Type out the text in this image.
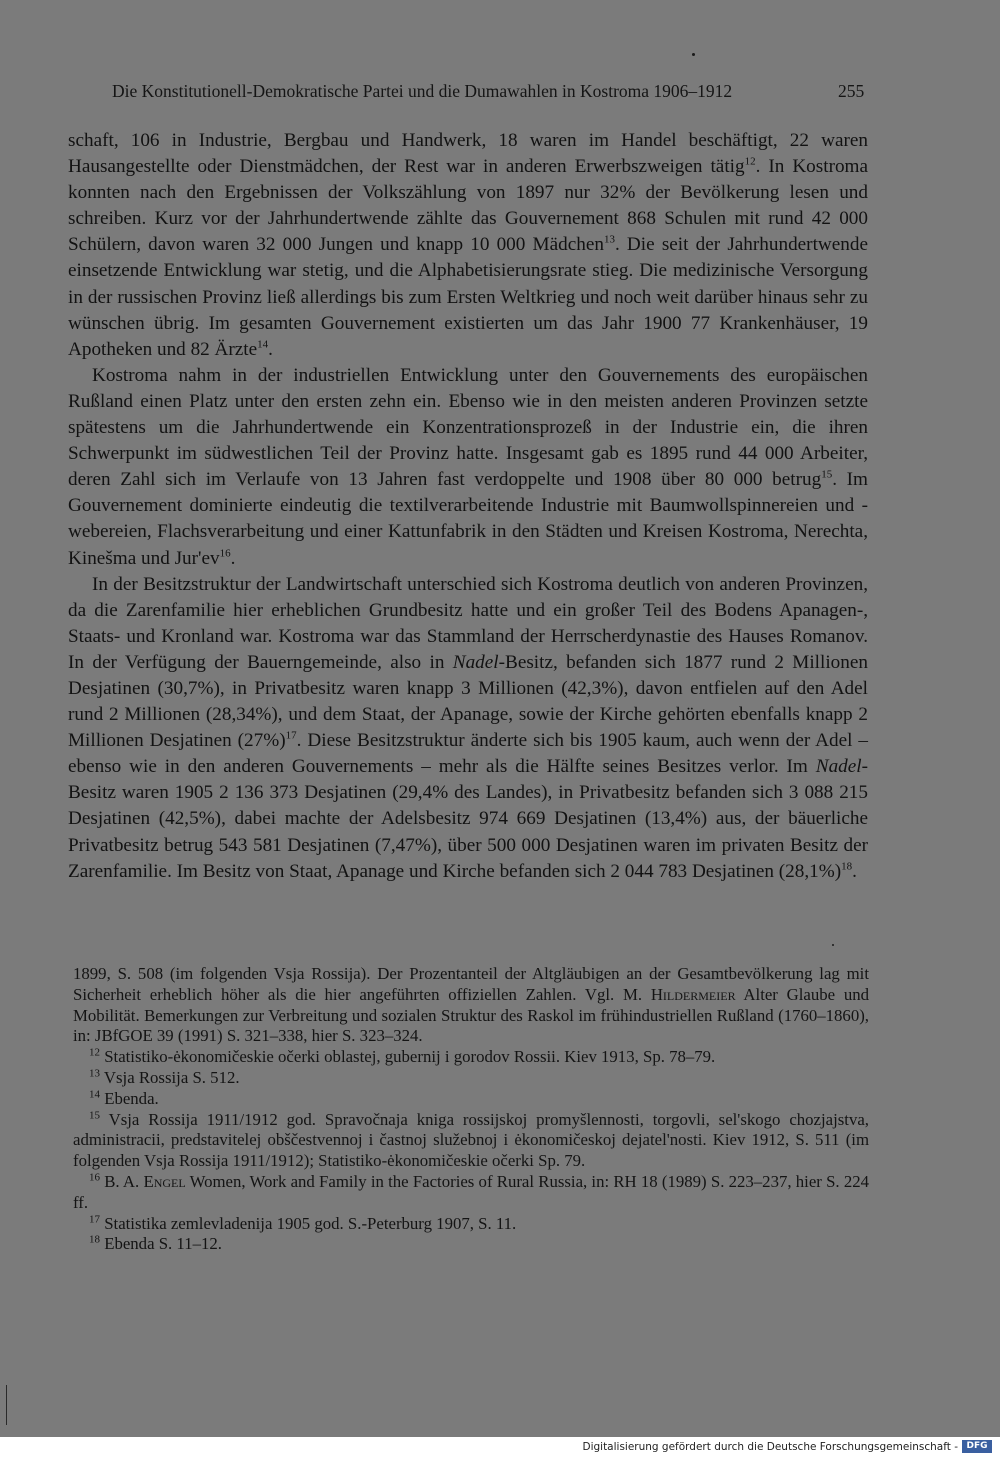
Die Konstitutionell-Demokratische Partei und die Dumawahlen in Kostroma 1906–1912	255

schaft, 106 in Industrie, Bergbau und Handwerk, 18 waren im Handel beschäftigt, 22 waren Hausangestellte oder Dienstmädchen, der Rest war in anderen Erwerbszweigen tätig$^{12}$. In Kostroma konnten nach den Ergebnissen der Volkszählung von 1897 nur 32% der Bevölkerung lesen und schreiben. Kurz vor der Jahrhundertwende zählte das Gouvernement 868 Schulen mit rund 42 000 Schülern, davon waren 32 000 Jungen und knapp 10 000 Mädchen$^{13}$. Die seit der Jahrhundertwende einsetzende Entwicklung war stetig, und die Alphabetisierungsrate stieg. Die medizinische Versorgung in der russischen Provinz ließ allerdings bis zum Ersten Weltkrieg und noch weit darüber hinaus sehr zu wünschen übrig. Im gesamten Gouvernement existierten um das Jahr 1900 77 Krankenhäuser, 19 Apotheken und 82 Ärzte$^{14}$.

Kostroma nahm in der industriellen Entwicklung unter den Gouvernements des europäischen Rußland einen Platz unter den ersten zehn ein. Ebenso wie in den meisten anderen Provinzen setzte spätestens um die Jahrhundertwende ein Konzentrationsprozeß in der Industrie ein, die ihren Schwerpunkt im südwestlichen Teil der Provinz hatte. Insgesamt gab es 1895 rund 44 000 Arbeiter, deren Zahl sich im Verlaufe von 13 Jahren fast verdoppelte und 1908 über 80 000 betrug$^{15}$. Im Gouvernement dominierte eindeutig die textilverarbeitende Industrie mit Baumwollspinnereien und -webereien, Flachsverarbeitung und einer Kattunfabrik in den Städten und Kreisen Kostroma, Nerechta, Kinešma und $Jur'ev^{16}$.

In der Besitzstruktur der Landwirtschaft unterschied sich Kostroma deutlich von anderen Provinzen, da die Zarenfamilie hier erheblichen Grundbesitz hatte und ein großer Teil des Bodens Apanagen-, Staats- und Kronland war. Kostroma war das Stammland der Herrscherdynastie des Hauses Romanov. In der Verfügung der Bauerngemeinde, also in Nadel-Besitz, befanden sich 1877 rund 2 Millionen Desjatinen (30,7%), in Privatbesitz waren knapp 3 Millionen (42,3%), davon entfielen auf den Adel rund 2 Millionen (28,34%), und dem Staat, der Apanage, sowie der Kirche gehörten ebenfalls knapp 2 Millionen Desjatinen $(27\%)^{17}$. Diese Besitzstruktur änderte sich bis 1905 kaum, auch wenn der Adel – ebenso wie in den anderen Gouvernements – mehr als die Hälfte seines Besitzes verlor. Im Nadel-Besitz waren 1905 2 136 373 Desjatinen (29,4% des Landes), in Privatbesitz befanden sich 3 088 215 Desjatinen (42,5%), dabei machte der Adelsbesitz 974 669 Desjatinen (13,4%) aus, der bäuerliche Privatbesitz betrug 543 581 Desjatinen (7,47%), über 500 000 Desjatinen waren im privaten Besitz der Zarenfamilie. Im Besitz von Staat, Apanage und Kirche befanden sich 2 044 783 Desjatinen $(28,1\%)^{18}$.

1899, S. 508 (im folgenden Vsja Rossija). Der Prozentanteil der Altgläubigen an der Gesamtbevölkerung lag mit Sicherheit erheblich höher als die hier angeführten offiziellen Zahlen. Vgl. M. Hildermeier Alter Glaube und Mobilität. Bemerkungen zur Verbreitung und sozialen Struktur des Raskol im frühindustriellen Rußland (1760–1860), in: JBfGOE 39 (1991) S. 321–338, hier S. 323–324.

$^{12}$ Statistiko-ėkonomičeskie očerki oblastej, gubernij i gorodov Rossii. Kiev 1913, Sp. 78–79.

$^{13}$ Vsja Rossija S. 512.

$^{14}$ Ebenda.

$^{15}$ Vsja Rossija 1911/1912 god. Spravočnaja kniga rossijskoj promyšlennosti, torgovli, sel'skogo chozjajstva, administracii, predstavitelej obščestvennoj i častnoj služebnoj i ėkonomičeskoj dejatel'nosti. Kiev 1912, S. 511 (im folgenden Vsja Rossija 1911/1912); Statistiko-ėkonomičeskie očerki Sp. 79.

$^{16}$ B. A. Engel Women, Work and Family in the Factories of Rural Russia, in: RH 18 (1989) S. 223–237, hier S. 224 ff.

$^{17}$ Statistika zemlevladenija 1905 god. S.-Peterburg 1907, S. 11.

$^{18}$ Ebenda S. 11–12.

Digitalisierung gefördert durch die Deutsche Forschungsgemeinschaft - DFG
